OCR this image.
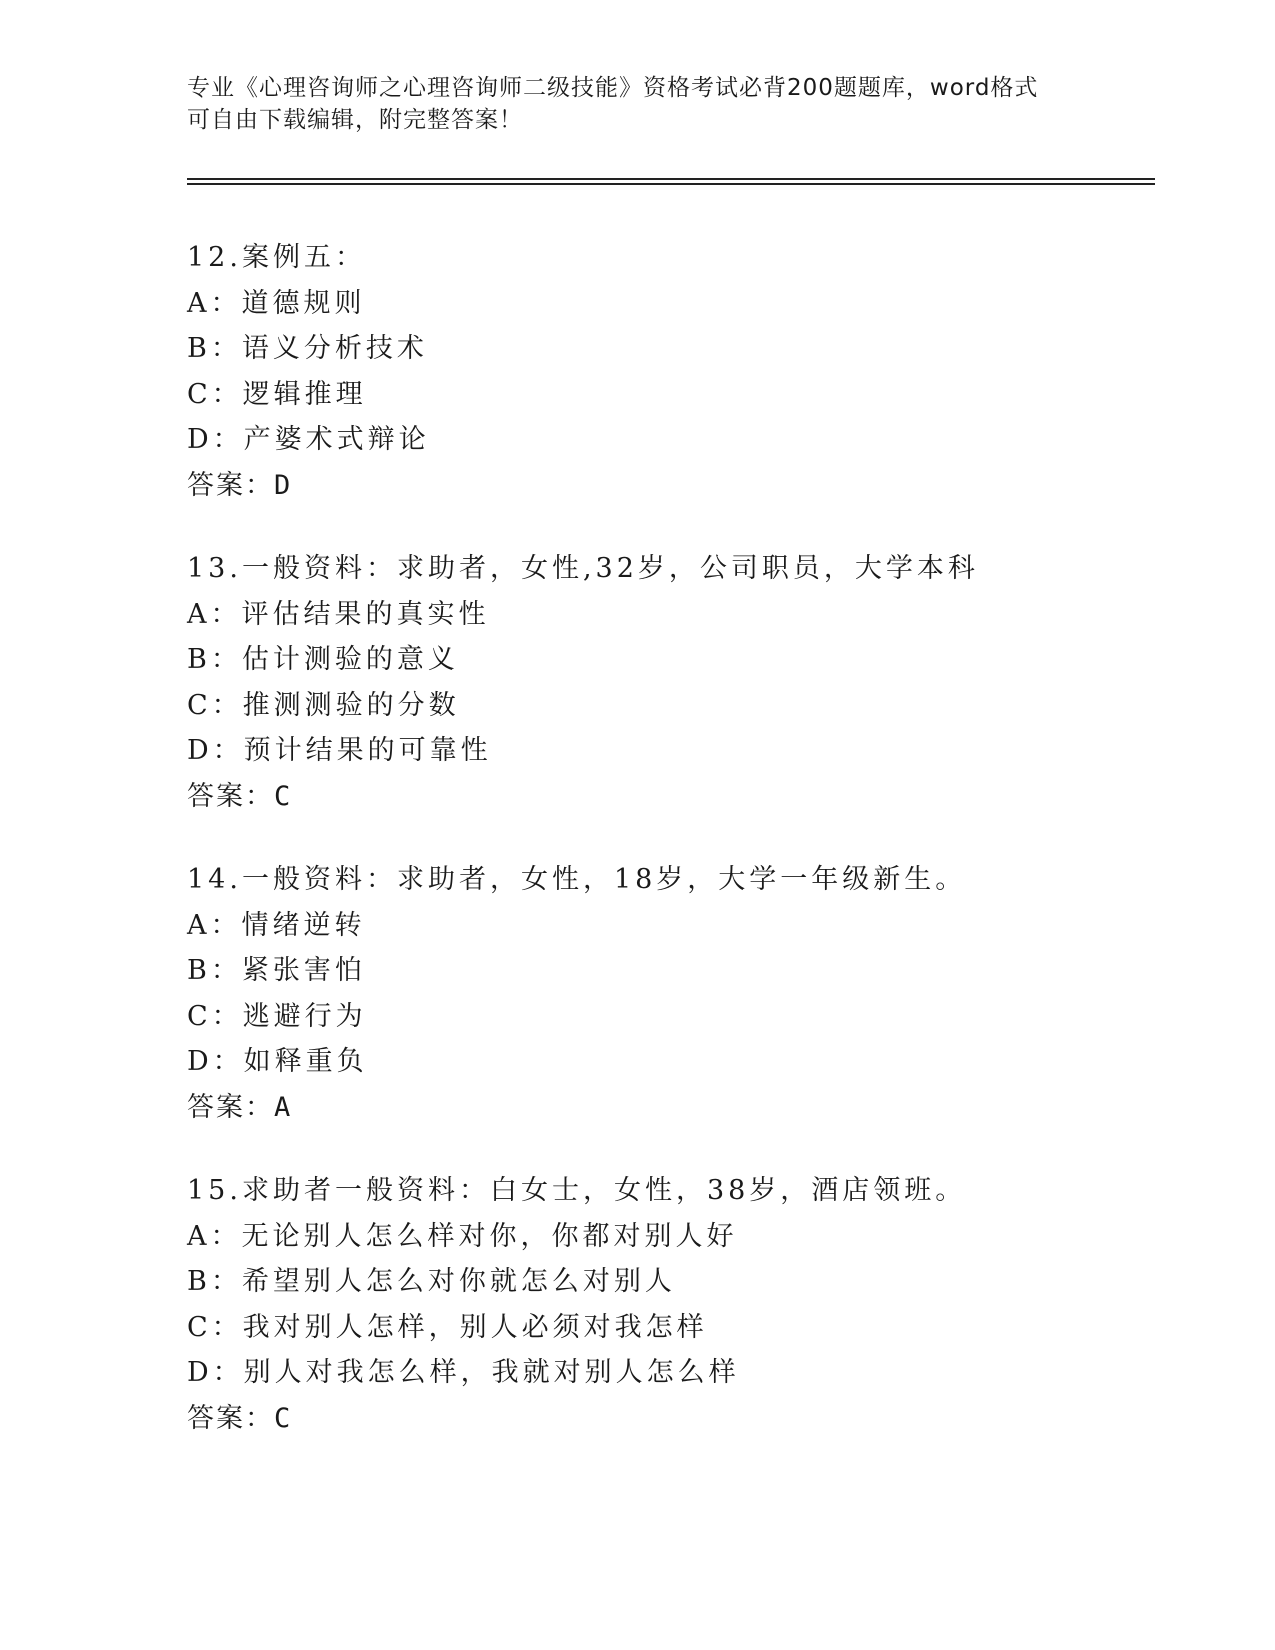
专业《心理咨询师之心理咨询师二级技能》资格考试必背200题题库，word格式
可自由下载编辑，附完整答案！
12.案例五：
A：道德规则
B：语义分析技术
C：逻辑推理
D：产婆术式辩论
答案：D
13.一般资料：求助者，女性,32岁，公司职员，大学本科
A：评估结果的真实性
B：估计测验的意义
C：推测测验的分数
D：预计结果的可靠性
答案：C
14.一般资料：求助者，女性，18岁，大学一年级新生。
A：情绪逆转
B：紧张害怕
C：逃避行为
D：如释重负
答案：A
15.求助者一般资料：白女士，女性，38岁，酒店领班。
A：无论别人怎么样对你，你都对别人好
B：希望别人怎么对你就怎么对别人
C：我对别人怎样，别人必须对我怎样
D：别人对我怎么样，我就对别人怎么样
答案：C
